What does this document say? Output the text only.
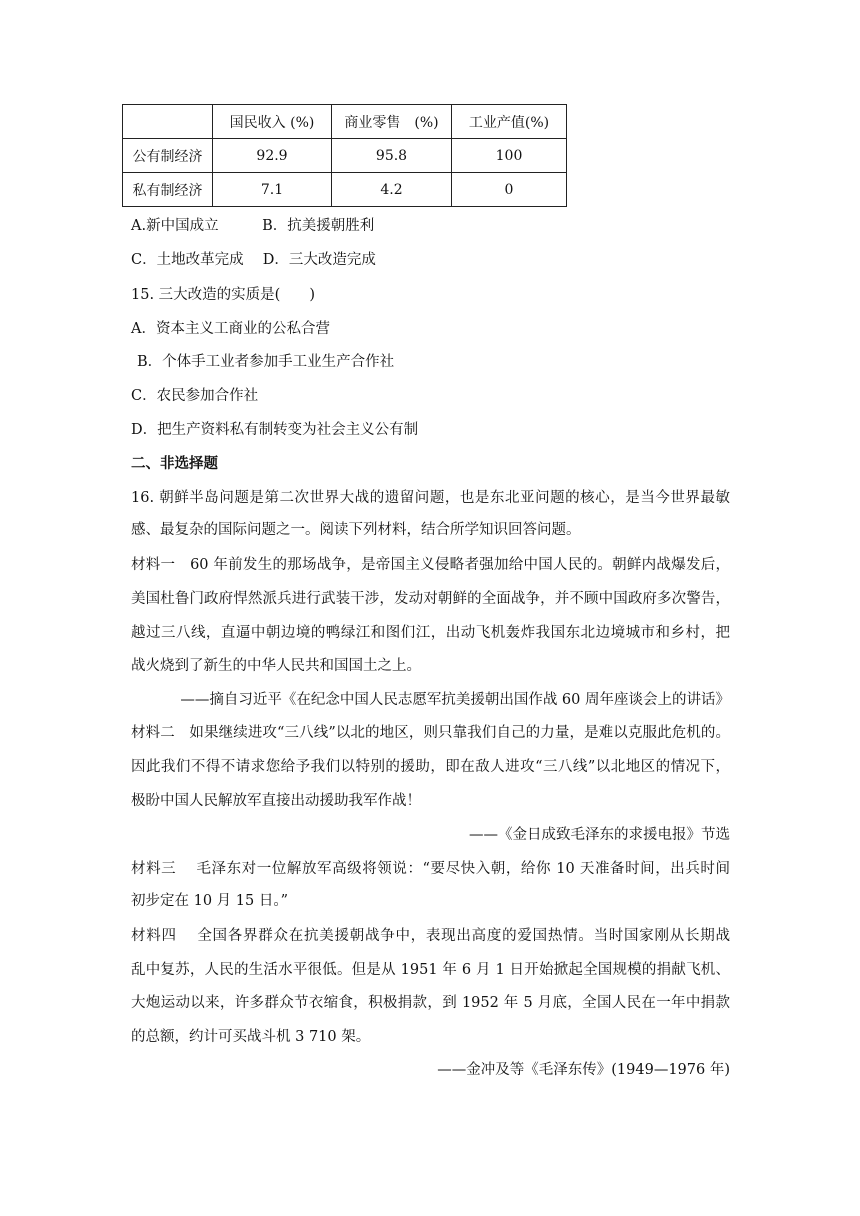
	国民收入 (%)	商业零售　(%)	工业产值(%)
公有制经济	92.9	95.8	100
私有制经济	7.1	4.2	0
A.新中国成立　　　B．抗美援朝胜利
C．土地改革完成　 D．三大改造完成
15. 三大改造的实质是(　　)
A．资本主义工商业的公私合营
B．个体手工业者参加手工业生产合作社
C．农民参加合作社
D．把生产资料私有制转变为社会主义公有制
二、非选择题
16. 朝鲜半岛问题是第二次世界大战的遗留问题，也是东北亚问题的核心，是当今世界最敏
感、最复杂的国际问题之一。阅读下列材料，结合所学知识回答问题。
材料一　60 年前发生的那场战争，是帝国主义侵略者强加给中国人民的。朝鲜内战爆发后，
美国杜鲁门政府悍然派兵进行武装干涉，发动对朝鲜的全面战争，并不顾中国政府多次警告，
越过三八线，直逼中朝边境的鸭绿江和图们江，出动飞机轰炸我国东北边境城市和乡村，把
战火烧到了新生的中华人民共和国国土之上。
——摘自习近平《在纪念中国人民志愿军抗美援朝出国作战 60 周年座谈会上的讲话》
材料二　如果继续进攻“三八线”以北的地区，则只靠我们自己的力量，是难以克服此危机的。
因此我们不得不请求您给予我们以特别的援助，即在敌人进攻“三八线”以北地区的情况下，
极盼中国人民解放军直接出动援助我军作战！
——《金日成致毛泽东的求援电报》节选
材料三　 毛泽东对一位解放军高级将领说：“要尽快入朝，给你 10 天准备时间，出兵时间
初步定在 10 月 15 日。”
材料四　 全国各界群众在抗美援朝战争中，表现出高度的爱国热情。当时国家刚从长期战
乱中复苏，人民的生活水平很低。但是从 1951 年 6 月 1 日开始掀起全国规模的捐献飞机、
大炮运动以来，许多群众节衣缩食，积极捐款，到 1952 年 5 月底，全国人民在一年中捐款
的总额，约计可买战斗机 3 710 架。
——金冲及等《毛泽东传》(1949—1976 年)
